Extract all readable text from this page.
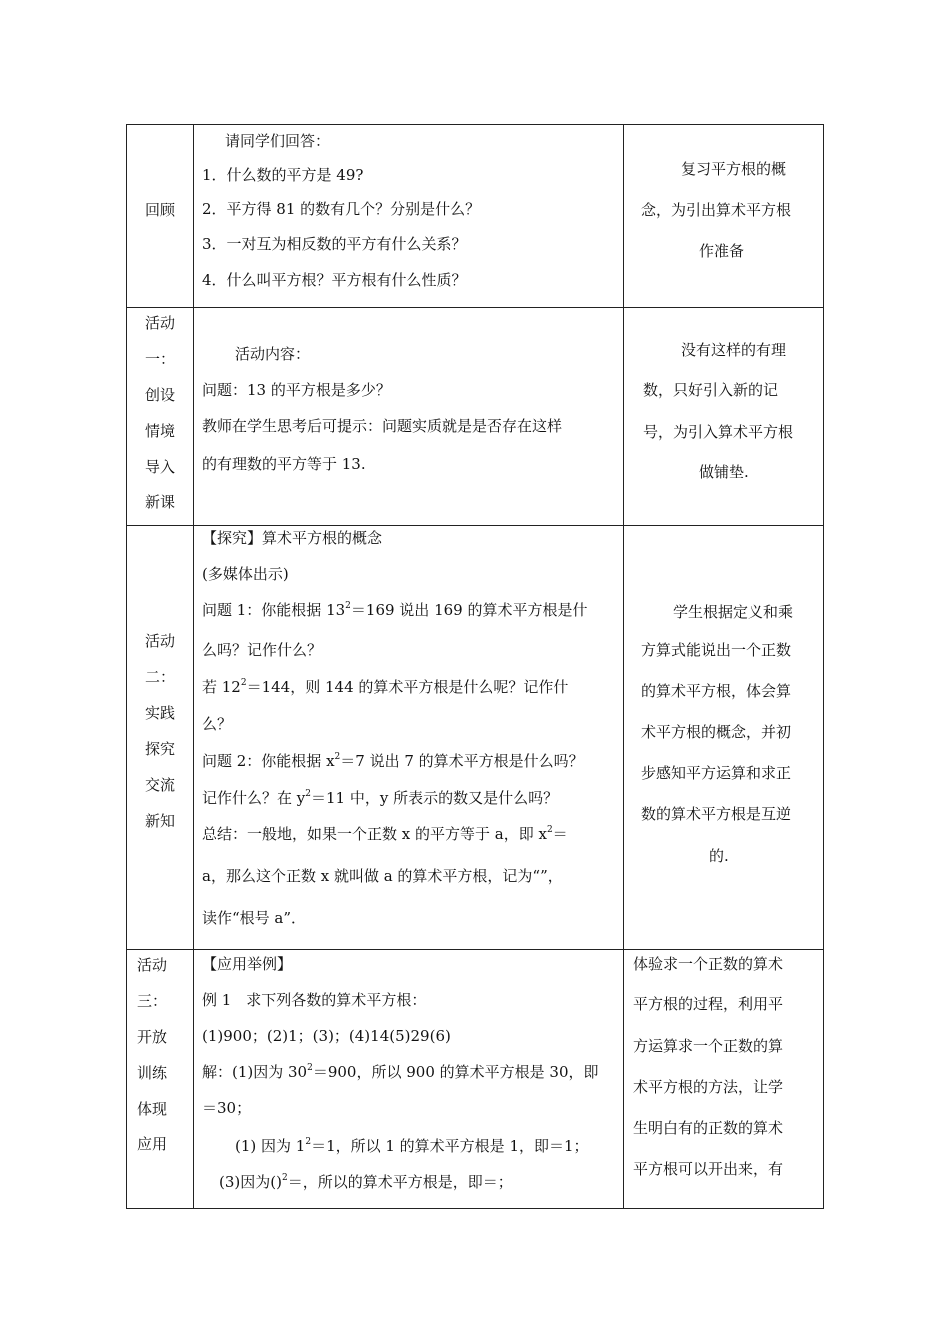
回顾
请同学们回答：
1．什么数的平方是 49?
2．平方得 81 的数有几个？分别是什么？
3．一对互为相反数的平方有什么关系？
4．什么叫平方根？平方根有什么性质？
复习平方根的概
念，为引出算术平方根
作准备
活动
一：
创设
情境
导入
新课
活动内容：
问题：13 的平方根是多少？
教师在学生思考后可提示：问题实质就是是否存在这样
的有理数的平方等于 13.
没有这样的有理
数，只好引入新的记
号，为引入算术平方根
做铺垫.
活动
二：
实践
探究
交流
新知
【探究】算术平方根的概念
(多媒体出示)
问题 1：你能根据 $13^2=169$ 说出 169 的算术平方根是什
么吗？记作什么？
若 $12^2=144$，则 144 的算术平方根是什么呢？记作什
么？
问题 2：你能根据 $x^2=7$ 说出 7 的算术平方根是什么吗？
记作什么？在 $y^2=11$ 中，y 所表示的数又是什么吗？
总结：一般地，如果一个正数 x 的平方等于 a，即 $x^2=$
a，那么这个正数 x 就叫做 a 的算术平方根，记为“”，
读作“根号 a”．
学生根据定义和乘
方算式能说出一个正数
的算术平方根，体会算
术平方根的概念，并初
步感知平方运算和求正
数的算术平方根是互逆
的.
活动
三：
开放
训练
体现
应用
【应用举例】
例 1　求下列各数的算术平方根：
(1)900；(2)1；(3)；(4)14(5)29(6)
解：(1)因为 $30^2=900$，所以 900 的算术平方根是 30，即
＝30；
(1) 因为 $1^2=1$，所以 1 的算术平方根是 1，即＝1；
(3)因为()$^2$＝，所以的算术平方根是，即＝；
体验求一个正数的算术
平方根的过程，利用平
方运算求一个正数的算
术平方根的方法，让学
生明白有的正数的算术
平方根可以开出来，有
